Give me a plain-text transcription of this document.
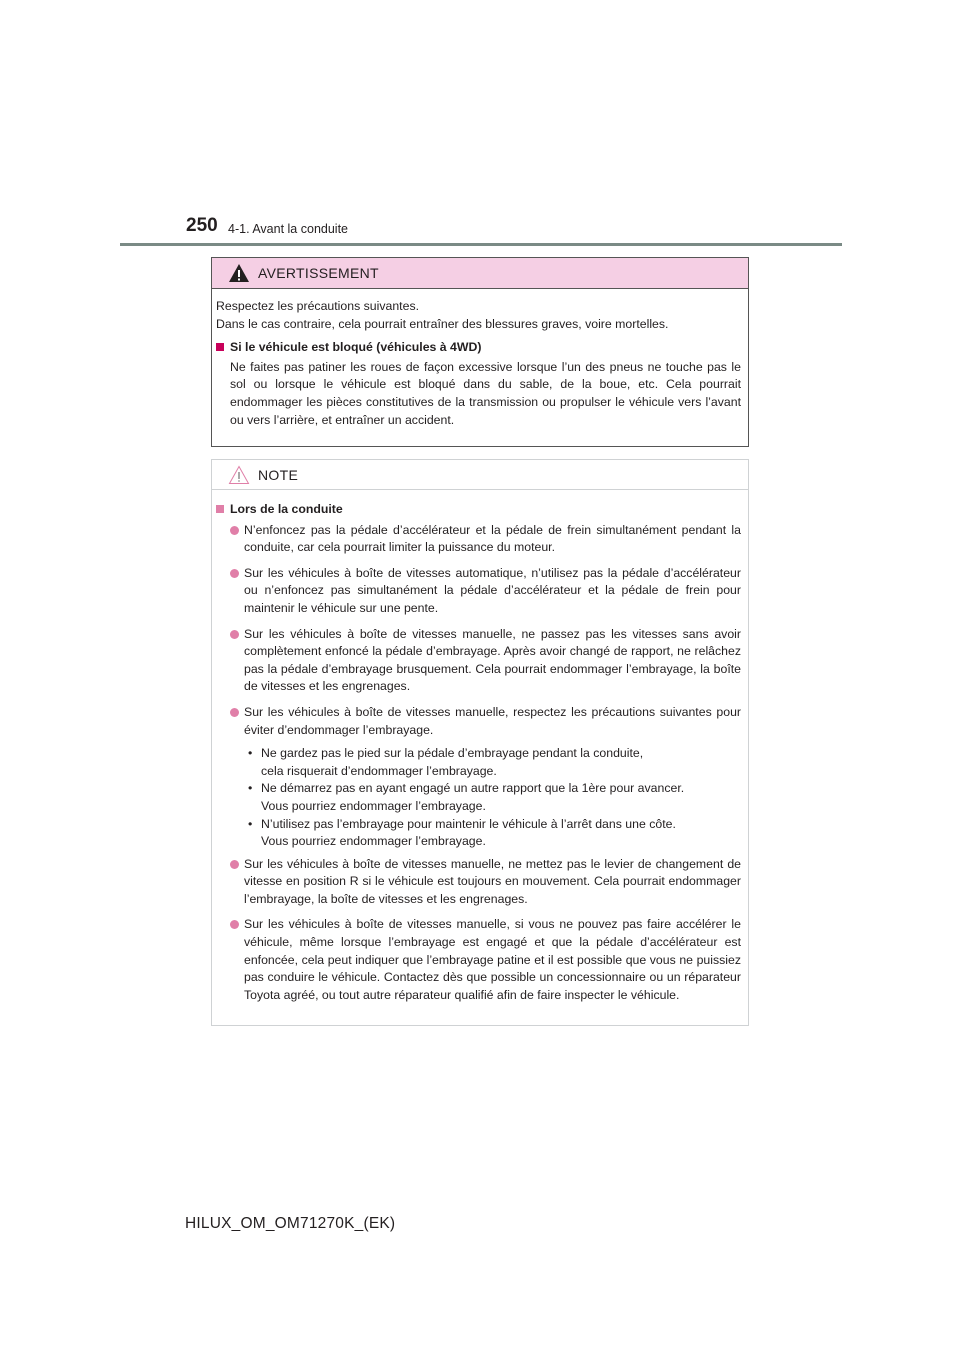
250 4-1. Avant la conduite
AVERTISSEMENT

Respectez les précautions suivantes.

Dans le cas contraire, cela pourrait entraîner des blessures graves, voire mortelles.

Si le véhicule est bloqué (véhicules à 4WD)

Ne faites pas patiner les roues de façon excessive lorsque l’un des pneus ne touche pas le sol ou lorsque le véhicule est bloqué dans du sable, de la boue, etc. Cela pourrait endommager les pièces constitutives de la transmission ou propulser le véhicule vers l’avant ou vers l’arrière, et entraîner un accident.

NOTE
Lors de la conduite
N’enfoncez pas la pédale d’accélérateur et la pédale de frein simultanément pendant la conduite, car cela pourrait limiter la puissance du moteur.
Sur les véhicules à boîte de vitesses automatique, n’utilisez pas la pédale d’accélérateur ou n’enfoncez pas simultanément la pédale d’accélérateur et la pédale de frein pour maintenir le véhicule sur une pente.
Sur les véhicules à boîte de vitesses manuelle, ne passez pas les vitesses sans avoir complètement enfoncé la pédale d’embrayage. Après avoir changé de rapport, ne relâchez pas la pédale d’embrayage brusquement. Cela pourrait endommager l’embrayage, la boîte de vitesses et les engrenages.
Sur les véhicules à boîte de vitesses manuelle, respectez les précautions suivantes pour éviter d’endommager l’embrayage.
• Ne gardez pas le pied sur la pédale d’embrayage pendant la conduite,
cela risquerait d’endommager l’embrayage.
• Ne démarrez pas en ayant engagé un autre rapport que la 1ère pour avancer.
Vous pourriez endommager l’embrayage.
• N’utilisez pas l’embrayage pour maintenir le véhicule à l’arrêt dans une côte.
Vous pourriez endommager l’embrayage.
Sur les véhicules à boîte de vitesses manuelle, ne mettez pas le levier de changement de vitesse en position R si le véhicule est toujours en mouvement. Cela pourrait endommager l’embrayage, la boîte de vitesses et les engrenages.
Sur les véhicules à boîte de vitesses manuelle, si vous ne pouvez pas faire accélérer le véhicule, même lorsque l’embrayage est engagé et que la pédale d’accélérateur est enfoncée, cela peut indiquer que l’embrayage patine et il est possible que vous ne puissiez pas conduire le véhicule. Contactez dès que possible un concessionnaire ou un réparateur Toyota agréé, ou tout autre réparateur qualifié afin de faire inspecter le véhicule.
HILUX_OM_OM71270K_(EK)
